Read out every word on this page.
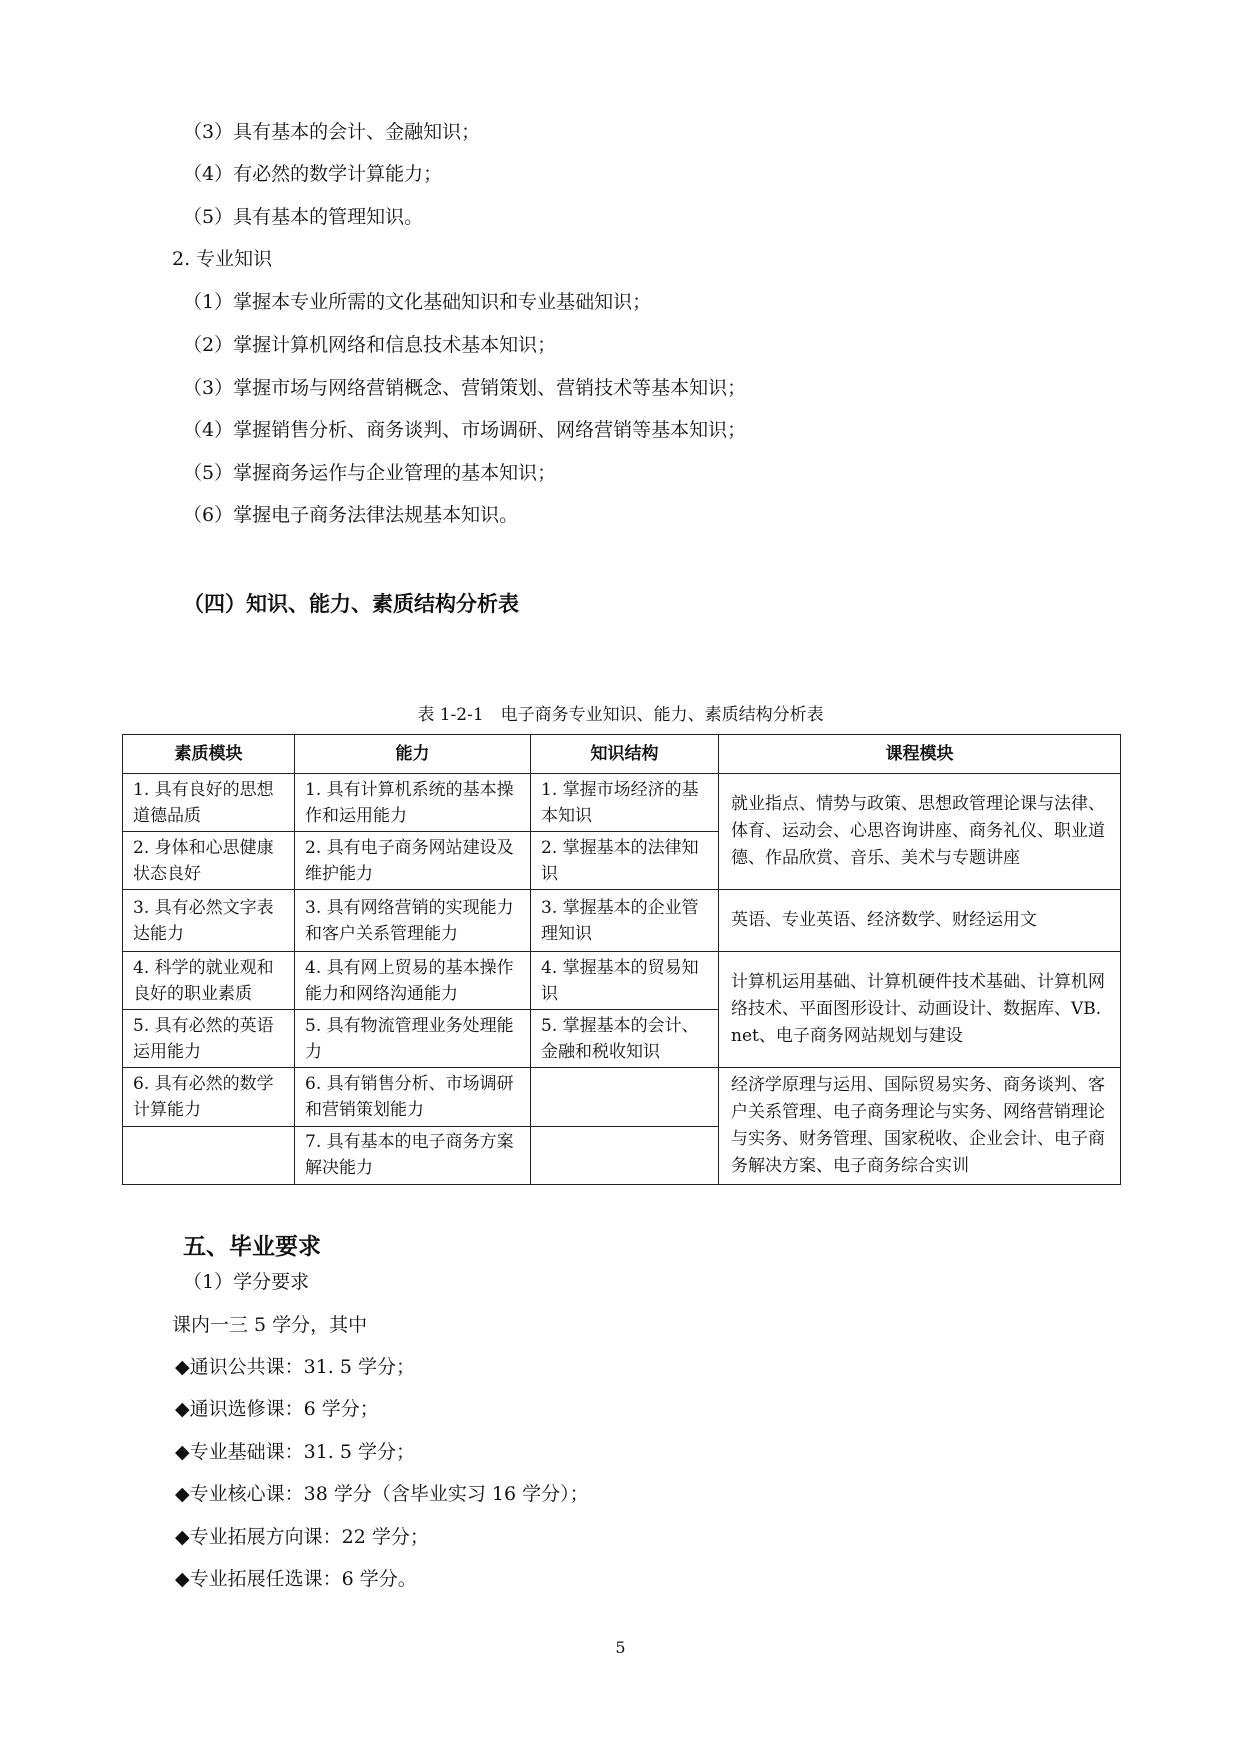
（3）具有基本的会计、金融知识；
（4）有必然的数学计算能力；
（5）具有基本的管理知识。
2. 专业知识
（1）掌握本专业所需的文化基础知识和专业基础知识；
（2）掌握计算机网络和信息技术基本知识；
（3）掌握市场与网络营销概念、营销策划、营销技术等基本知识；
（4）掌握销售分析、商务谈判、市场调研、网络营销等基本知识；
（5）掌握商务运作与企业管理的基本知识；
（6）掌握电子商务法律法规基本知识。
（四）知识、能力、素质结构分析表
表 1-2-1　电子商务专业知识、能力、素质结构分析表
素质模块	能力	知识结构	课程模块
1. 具有良好的思想道德品质	1. 具有计算机系统的基本操作和运用能力	1. 掌握市场经济的基本知识	就业指点、情势与政策、思想政管理论课与法律、体育、运动会、心思咨询讲座、商务礼仪、职业道德、作品欣赏、音乐、美术与专题讲座
2. 身体和心思健康状态良好	2. 具有电子商务网站建设及维护能力	2. 掌握基本的法律知识	
3. 具有必然文字表达能力	3. 具有网络营销的实现能力和客户关系管理能力	3. 掌握基本的企业管理知识	英语、专业英语、经济数学、财经运用文
4. 科学的就业观和良好的职业素质	4. 具有网上贸易的基本操作能力和网络沟通能力	4. 掌握基本的贸易知识	计算机运用基础、计算机硬件技术基础、计算机网络技术、平面图形设计、动画设计、数据库、VB. net、电子商务网站规划与建设
5. 具有必然的英语运用能力	5. 具有物流管理业务处理能力	5. 掌握基本的会计、金融和税收知识	
6. 具有必然的数学计算能力	6. 具有销售分析、市场调研和营销策划能力		经济学原理与运用、国际贸易实务、商务谈判、客户关系管理、电子商务理论与实务、网络营销理论与实务、财务管理、国家税收、企业会计、电子商务解决方案、电子商务综合实训
	7. 具有基本的电子商务方案解决能力		
五、毕业要求
（1）学分要求
课内一三 5 学分，其中
◆通识公共课：31. 5 学分；
◆通识选修课：6 学分；
◆专业基础课：31. 5 学分；
◆专业核心课：38 学分（含毕业实习 16 学分）；
◆专业拓展方向课：22 学分；
◆专业拓展任选课：6 学分。
5
